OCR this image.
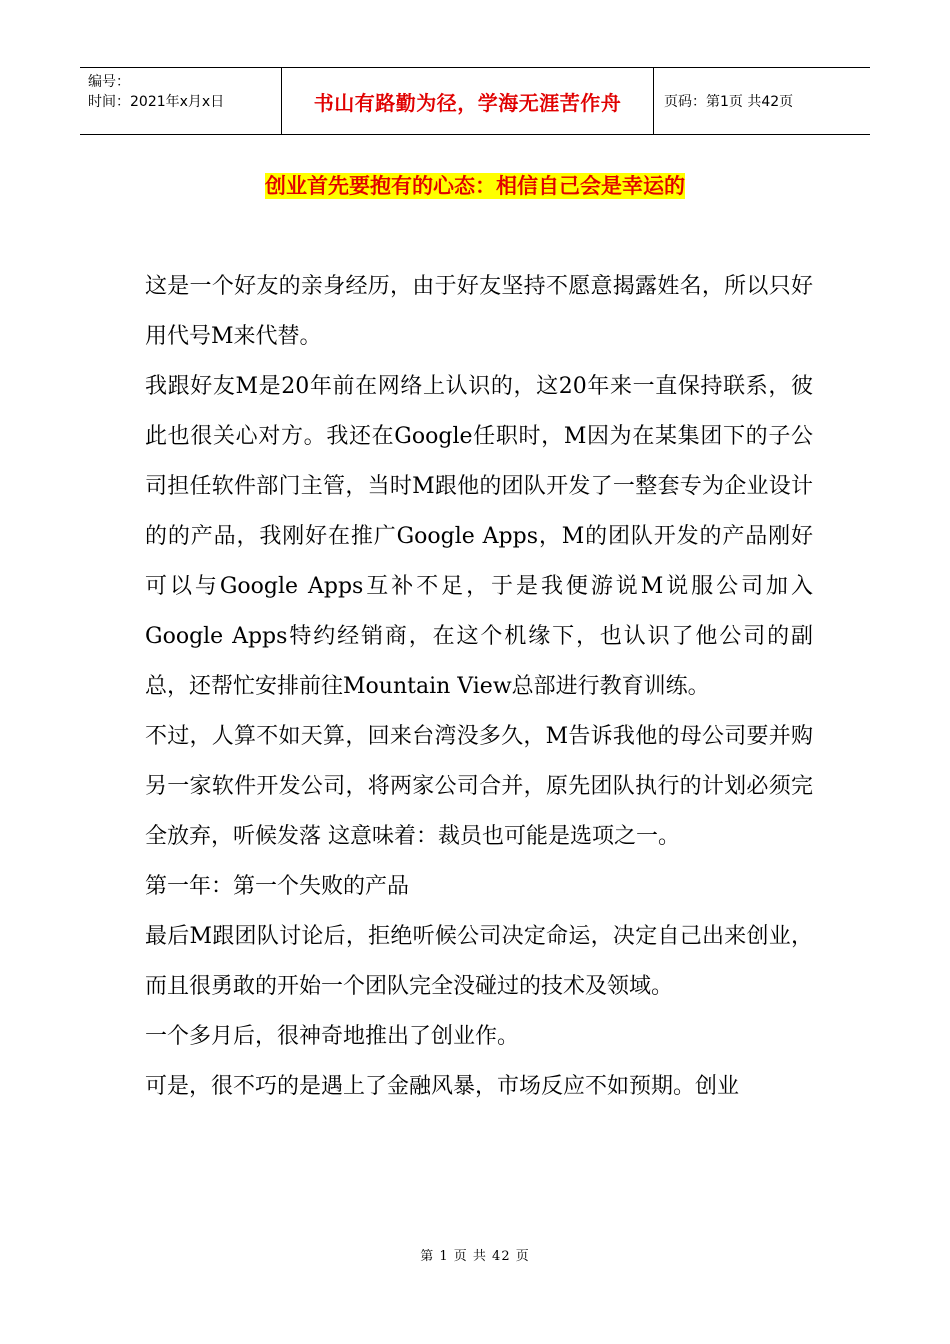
编号：
时间：2021年x月x日	书山有路勤为径，学海无涯苦作舟	页码：第1页 共42页
创业首先要抱有的心态：相信自己会是幸运的

这是一个好友的亲身经历，由于好友坚持不愿意揭露姓名，所以只好用代号M来代替。

我跟好友M是20年前在网络上认识的，这20年来一直保持联系，彼此也很关心对方。我还在Google任职时，M因为在某集团下的子公司担任软件部门主管，当时M跟他的团队开发了一整套专为企业设计的的产品，我刚好在推广Google Apps，M的团队开发的产品刚好可以与Google Apps互补不足，于是我便游说M说服公司加入Google Apps特约经销商，在这个机缘下，也认识了他公司的副总，还帮忙安排前往Mountain View总部进行教育训练。

不过，人算不如天算，回来台湾没多久，M告诉我他的母公司要并购另一家软件开发公司，将两家公司合并，原先团队执行的计划必须完全放弃，听候发落 这意味着：裁员也可能是选项之一。

第一年：第一个失败的产品

最后M跟团队讨论后，拒绝听候公司决定命运，决定自己出来创业，而且很勇敢的开始一个团队完全没碰过的技术及领域。

一个多月后，很神奇地推出了创业作。

可是，很不巧的是遇上了金融风暴，市场反应不如预期。创业

第 1 页 共 42 页
